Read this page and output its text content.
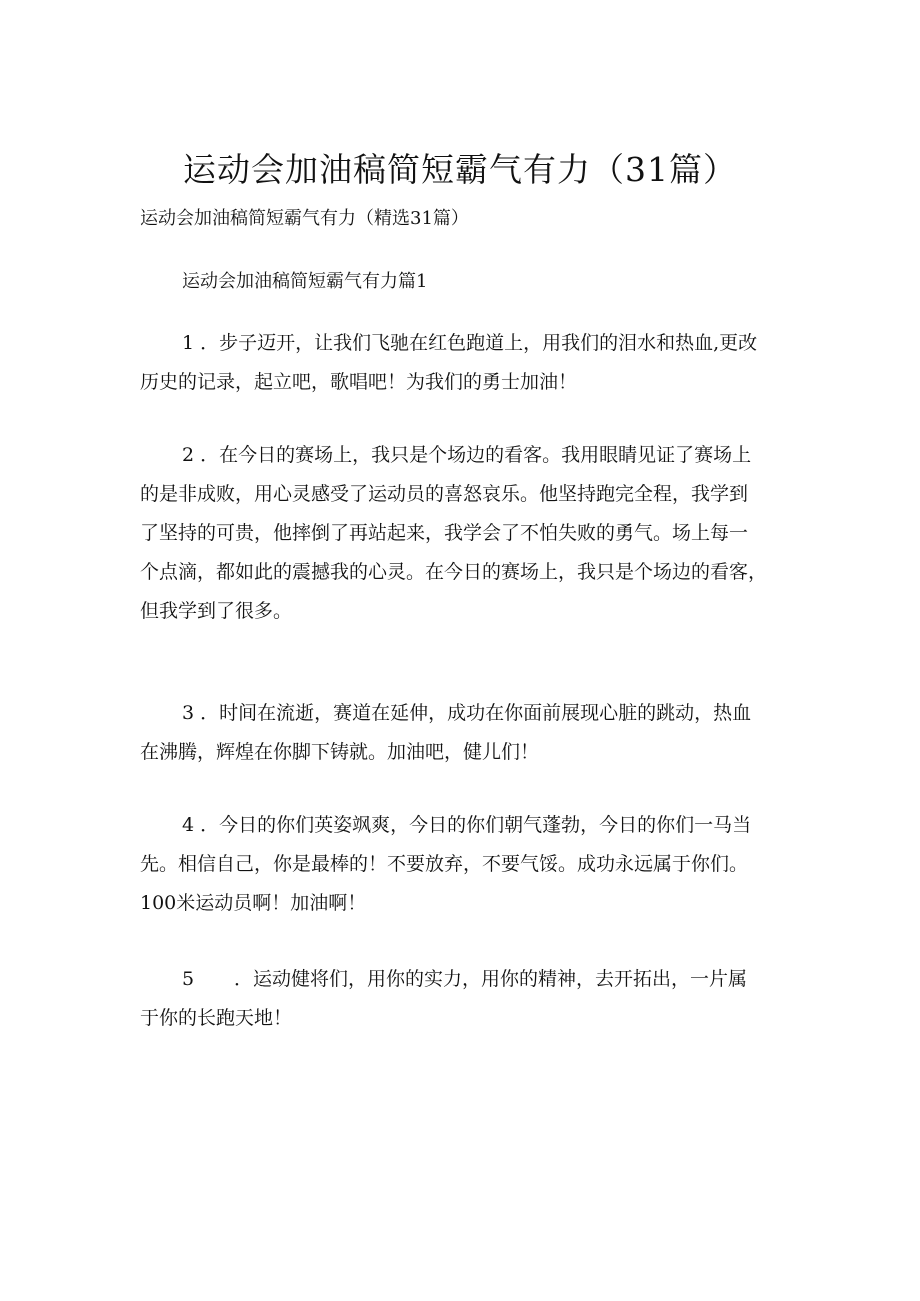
运动会加油稿简短霸气有力（31篇）

运动会加油稿简短霸气有力（精选31篇）

运动会加油稿简短霸气有力篇1

1 ．步子迈开，让我们飞驰在红色跑道上，用我们的泪水和热血,更改
历史的记录，起立吧，歌唱吧！为我们的勇士加油！
2 ．在今日的赛场上，我只是个场边的看客。我用眼睛见证了赛场上
的是非成败，用心灵感受了运动员的喜怒哀乐。他坚持跑完全程，我学到
了坚持的可贵，他摔倒了再站起来，我学会了不怕失败的勇气。场上每一
个点滴，都如此的震撼我的心灵。在今日的赛场上，我只是个场边的看客，
但我学到了很多。
3 ．时间在流逝，赛道在延伸，成功在你面前展现心脏的跳动，热血
在沸腾，辉煌在你脚下铸就。加油吧，健儿们！
4 ．今日的你们英姿飒爽，今日的你们朝气蓬勃，今日的你们一马当
先。相信自己，你是最棒的！不要放弃，不要气馁。成功永远属于你们。
100米运动员啊！加油啊！
5 ．运动健将们，用你的实力，用你的精神，去开拓出，一片属
于你的长跑天地！
